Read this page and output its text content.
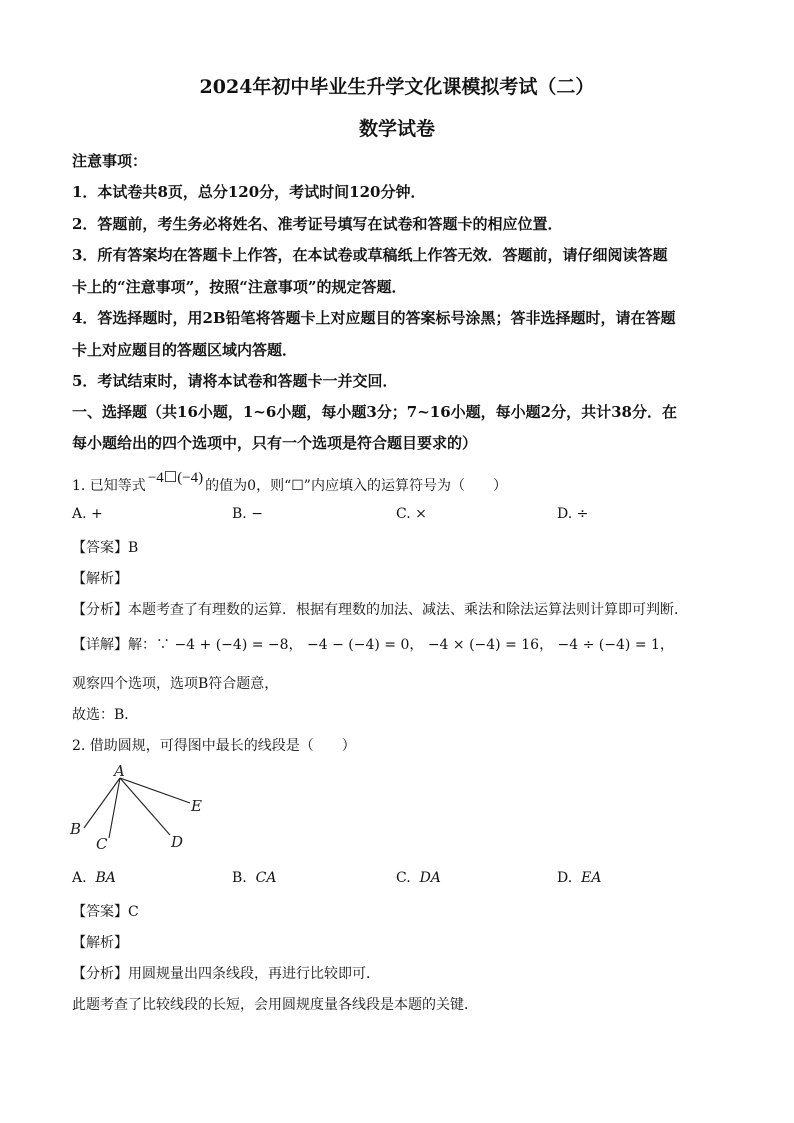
2024年初中毕业生升学文化课模拟考试（二）
数学试卷
注意事项：
1．本试卷共8页，总分120分，考试时间120分钟．
2．答题前，考生务必将姓名、准考证号填写在试卷和答题卡的相应位置．
3．所有答案均在答题卡上作答，在本试卷或草稿纸上作答无效．答题前，请仔细阅读答题
卡上的“注意事项”，按照“注意事项”的规定答题．
4．答选择题时，用2B铅笔将答题卡上对应题目的答案标号涂黑；答非选择题时，请在答题
卡上对应题目的答题区域内答题．
5．考试结束时，请将本试卷和答题卡一并交回．
一、选择题（共16小题，1~6小题，每小题3分；7~16小题，每小题2分，共计38分．在
每小题给出的四个选项中，只有一个选项是符合题目要求的）
1. 已知等式 −4☐(−4) 的值为0，则“☐”内应填入的运算符号为（　　）
A. +	B. −	C. ×	D. ÷
【答案】B
【解析】
【分析】本题考查了有理数的运算．根据有理数的加法、减法、乘法和除法运算法则计算即可判断．
【详解】解：∵ −4 + (−4) = −8， −4 − (−4) = 0， −4 × (−4) = 16， −4 ÷ (−4) = 1，
观察四个选项，选项B符合题意，
故选：B．
2. 借助圆规，可得图中最长的线段是（　　）
A
B
C	D
E
A. BA	B. CA	C. DA	D. EA
【答案】C
【解析】
【分析】用圆规量出四条线段，再进行比较即可．
此题考查了比较线段的长短，会用圆规度量各线段是本题的关键．
